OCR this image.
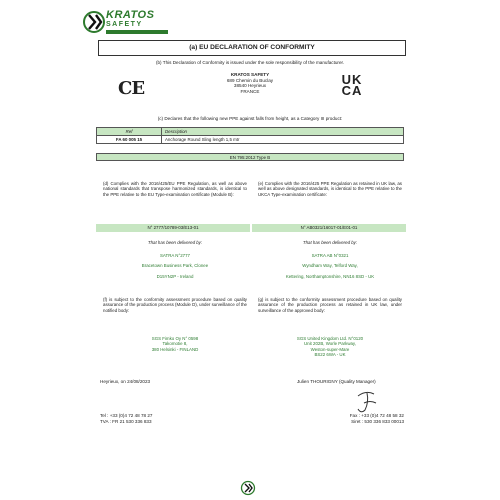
KRATOS
SAFETY
(a) EU DECLARATION OF CONFORMITY
(b) This Declaration of Conformity is issued under the sole responsibility of the manufacturer.
CE	UK
CA
KRATOS SAFETY
689 Chemin du Buclay
38540 Heyrieux
FRANCE
(c) Declares that the following new PPE against falls from height, as a Category III product:
Ref	Description
FA 60 005 15	Anchorage Round Sling length 1,5 mtr
EN 795:2012 Type B
(d) Complies with the 2016/425/EU PPE Regulation, as well as above national standards that transpose harmonized standards, is identical to the PPE relative to the EU Type-examination certificate (Module B):
N° 2777/10789-03/E13-01
That has been delivered by:
SATRA N°2777
Bracetown Business Park, Clonee
D15YN2P - Ireland
(f) is subject to the conformity assessment procedure based on quality assurance of the production process (Module D), under surveillance of the notified body:
SGS Fimko Oy N° 0598
Takomotie 8,
380 Helsinki - FINLAND
(e) Complies with the 2016/425 PPE Regulation as retained in UK law, as well as above designated standards, is identical to the PPE relative to the UKCA Type-examination certificate:
N° AB0321/16017-01/E01-01
That has been delivered by:
SATRA AB N°0321
Wyndham Way, Telford Way,
Kettering, Northamptonshire, NN16 8SD - UK
(g) is subject to the conformity assessment procedure based on quality assurance of the production process as retained in UK law, under surveillance of the approved body:
SGS United Kingdom Ltd. N°0120
Unit 202B, Worle Parkway,
Weston-super-Mare
BS22 6WA - UK
Heyrieux, on 24/08/2023	Julien THOURIGNY (Quality Manager)
Tel : +33 (0)4 72 48 78 27
TVA : FR 21 530 336 833
Fax : +33 (0)4 72 48 58 32
Siret : 530 336 833 00013
